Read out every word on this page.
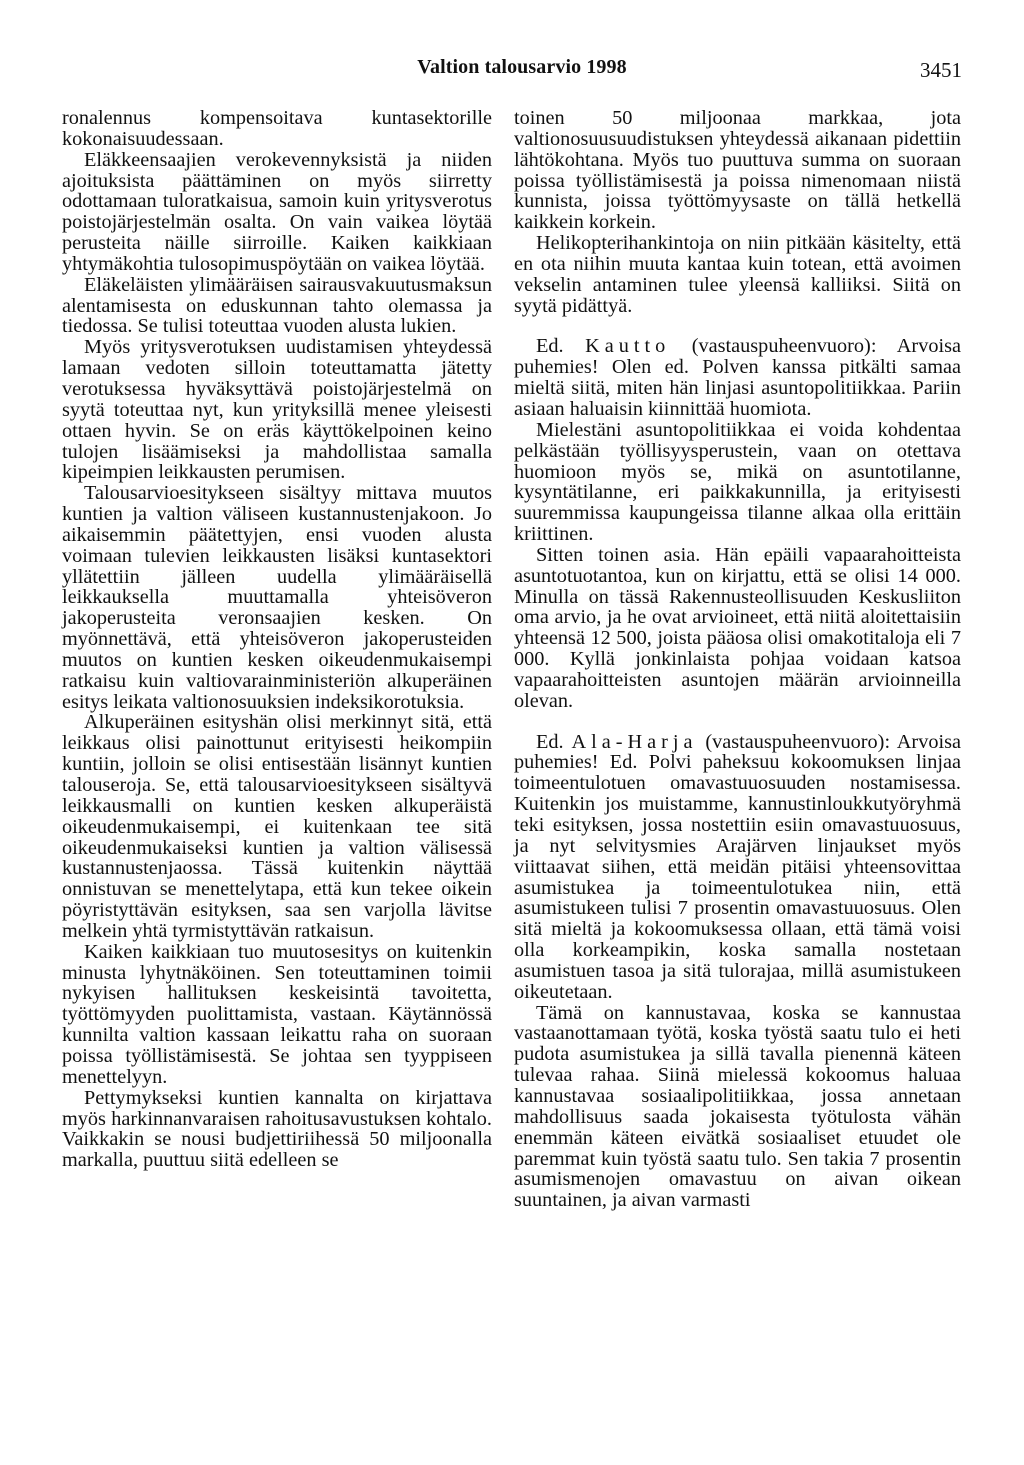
Valtion talousarvio 1998	3451

ronalennus kompensoitava kuntasektorille kokonaisuudessaan.

Eläkkeensaajien verokevennyksistä ja niiden ajoituksista päättäminen on myös siirretty odottamaan tuloratkaisua, samoin kuin yritysverotus poistojärjestelmän osalta. On vain vaikea löytää perusteita näille siirroille. Kaiken kaikkiaan yhtymäkohtia tulosopimuspöytään on vaikea löytää.

Eläkeläisten ylimääräisen sairausvakuutusmaksun alentamisesta on eduskunnan tahto olemassa ja tiedossa. Se tulisi toteuttaa vuoden alusta lukien.

Myös yritysverotuksen uudistamisen yhteydessä lamaan vedoten silloin toteuttamatta jätetty verotuksessa hyväksyttävä poistojärjestelmä on syytä toteuttaa nyt, kun yrityksillä menee yleisesti ottaen hyvin. Se on eräs käyttökelpoinen keino tulojen lisäämiseksi ja mahdollistaa samalla kipeimpien leikkausten perumisen.

Talousarvioesitykseen sisältyy mittava muutos kuntien ja valtion väliseen kustannustenjakoon. Jo aikaisemmin päätettyjen, ensi vuoden alusta voimaan tulevien leikkausten lisäksi kuntasektori yllätettiin jälleen uudella ylimääräisellä leikkauksella muuttamalla yhteisöveron jakoperusteita veronsaajien kesken. On myönnettävä, että yhteisöveron jakoperusteiden muutos on kuntien kesken oikeudenmukaisempi ratkaisu kuin valtiovarainministeriön alkuperäinen esitys leikata valtionosuuksien indeksikorotuksia.

Alkuperäinen esityshän olisi merkinnyt sitä, että leikkaus olisi painottunut erityisesti heikompiin kuntiin, jolloin se olisi entisestään lisännyt kuntien talouseroja. Se, että talousarvioesitykseen sisältyvä leikkausmalli on kuntien kesken alkuperäistä oikeudenmukaisempi, ei kuitenkaan tee sitä oikeudenmukaiseksi kuntien ja valtion välisessä kustannustenjaossa. Tässä kuitenkin näyttää onnistuvan se menettelytapa, että kun tekee oikein pöyristyttävän esityksen, saa sen varjolla lävitse melkein yhtä tyrmistyttävän ratkaisun.

Kaiken kaikkiaan tuo muutosesitys on kuitenkin minusta lyhytnäköinen. Sen toteuttaminen toimii nykyisen hallituksen keskeisintä tavoitetta, työttömyyden puolittamista, vastaan. Käytännössä kunnilta valtion kassaan leikattu raha on suoraan poissa työllistämisestä. Se johtaa sen tyyppiseen menettelyyn.

Pettymykseksi kuntien kannalta on kirjattava myös harkinnanvaraisen rahoitusavustuksen kohtalo. Vaikkakin se nousi budjettiriihessä 50 miljoonalla markalla, puuttuu siitä edelleen se

toinen 50 miljoonaa markkaa, jota valtionosuusuudistuksen yhteydessä aikanaan pidettiin lähtökohtana. Myös tuo puuttuva summa on suoraan poissa työllistämisestä ja poissa nimenomaan niistä kunnista, joissa työttömyysaste on tällä hetkellä kaikkein korkein.

Helikopterihankintoja on niin pitkään käsitelty, että en ota niihin muuta kantaa kuin totean, että avoimen vekselin antaminen tulee yleensä kalliiksi. Siitä on syytä pidättyä.

Ed. Kautto (vastauspuheenvuoro): Arvoisa puhemies! Olen ed. Polven kanssa pitkälti samaa mieltä siitä, miten hän linjasi asuntopolitiikkaa. Pariin asiaan haluaisin kiinnittää huomiota.

Mielestäni asuntopolitiikkaa ei voida kohdentaa pelkästään työllisyysperustein, vaan on otettava huomioon myös se, mikä on asuntotilanne, kysyntätilanne, eri paikkakunnilla, ja erityisesti suuremmissa kaupungeissa tilanne alkaa olla erittäin kriittinen.

Sitten toinen asia. Hän epäili vapaarahoitteista asuntotuotantoa, kun on kirjattu, että se olisi 14 000. Minulla on tässä Rakennusteollisuuden Keskusliiton oma arvio, ja he ovat arvioineet, että niitä aloitettaisiin yhteensä 12 500, joista pääosa olisi omakotitaloja eli 7 000. Kyllä jonkinlaista pohjaa voidaan katsoa vapaarahoitteisten asuntojen määrän arvioinneilla olevan.

Ed. Ala-Harja (vastauspuheenvuoro): Arvoisa puhemies! Ed. Polvi paheksuu kokoomuksen linjaa toimeentulotuen omavastuuosuuden nostamisessa. Kuitenkin jos muistamme, kannustinloukkutyöryhmä teki esityksen, jossa nostettiin esiin omavastuuosuus, ja nyt selvitysmies Arajärven linjaukset myös viittaavat siihen, että meidän pitäisi yhteensovittaa asumistukea ja toimeentulotukea niin, että asumistukeen tulisi 7 prosentin omavastuuosuus. Olen sitä mieltä ja kokoomuksessa ollaan, että tämä voisi olla korkeampikin, koska samalla nostetaan asumistuen tasoa ja sitä tulorajaa, millä asumistukeen oikeutetaan.

Tämä on kannustavaa, koska se kannustaa vastaanottamaan työtä, koska työstä saatu tulo ei heti pudota asumistukea ja sillä tavalla pienennä käteen tulevaa rahaa. Siinä mielessä kokoomus haluaa kannustavaa sosiaalipolitiikkaa, jossa annetaan mahdollisuus saada jokaisesta työtulosta vähän enemmän käteen eivätkä sosiaaliset etuudet ole paremmat kuin työstä saatu tulo. Sen takia 7 prosentin asumismenojen omavastuu on aivan oikean suuntainen, ja aivan varmasti
